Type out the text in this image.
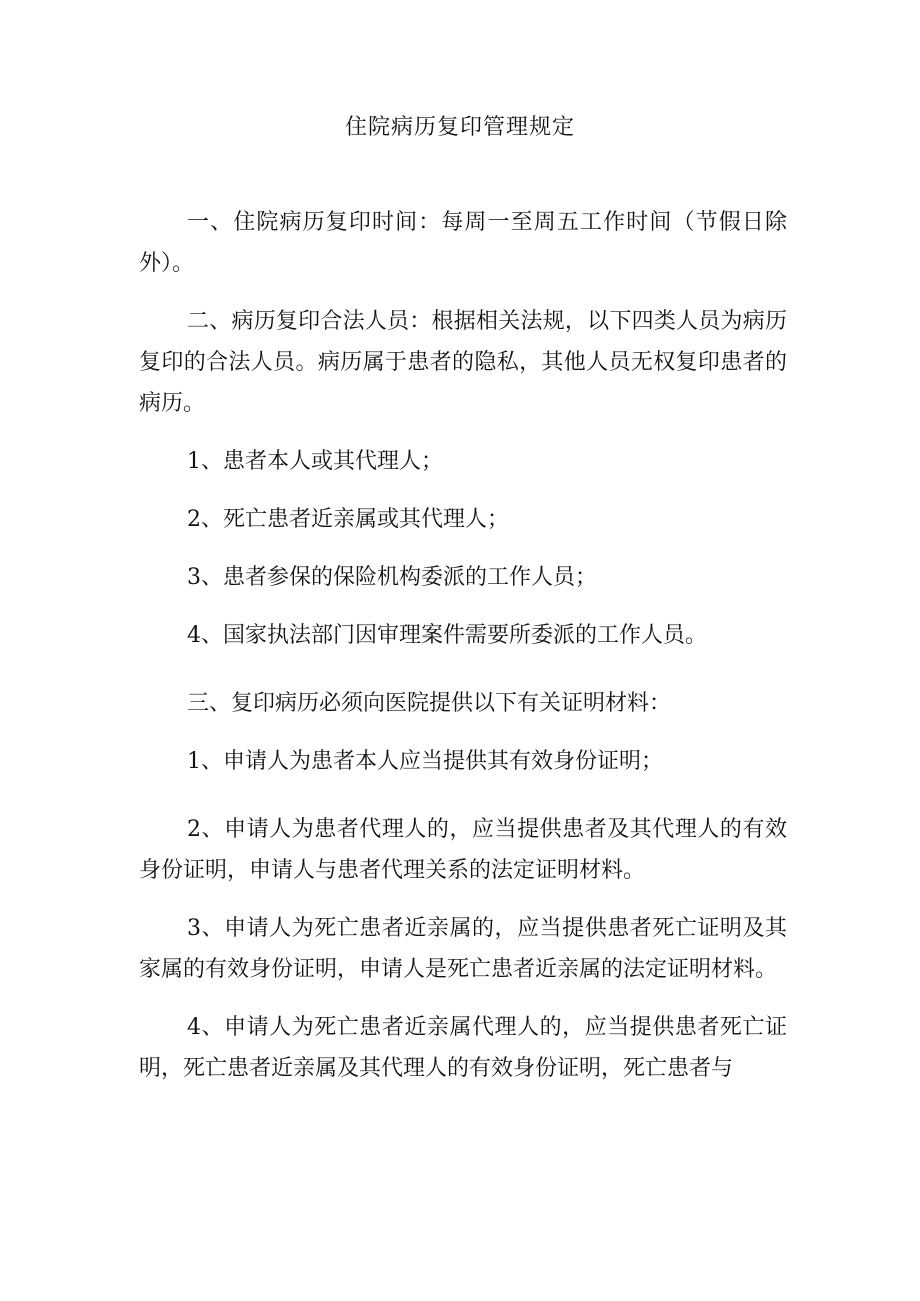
住院病历复印管理规定

一、住院病历复印时间：每周一至周五工作时间（节假日除外）。

二、病历复印合法人员：根据相关法规，以下四类人员为病历复印的合法人员。病历属于患者的隐私，其他人员无权复印患者的病历。

1、患者本人或其代理人；

2、死亡患者近亲属或其代理人；

3、患者参保的保险机构委派的工作人员；

4、国家执法部门因审理案件需要所委派的工作人员。

三、复印病历必须向医院提供以下有关证明材料：

1、申请人为患者本人应当提供其有效身份证明；

2、申请人为患者代理人的，应当提供患者及其代理人的有效身份证明，申请人与患者代理关系的法定证明材料。

3、申请人为死亡患者近亲属的，应当提供患者死亡证明及其家属的有效身份证明，申请人是死亡患者近亲属的法定证明材料。

4、申请人为死亡患者近亲属代理人的，应当提供患者死亡证明，死亡患者近亲属及其代理人的有效身份证明，死亡患者与
